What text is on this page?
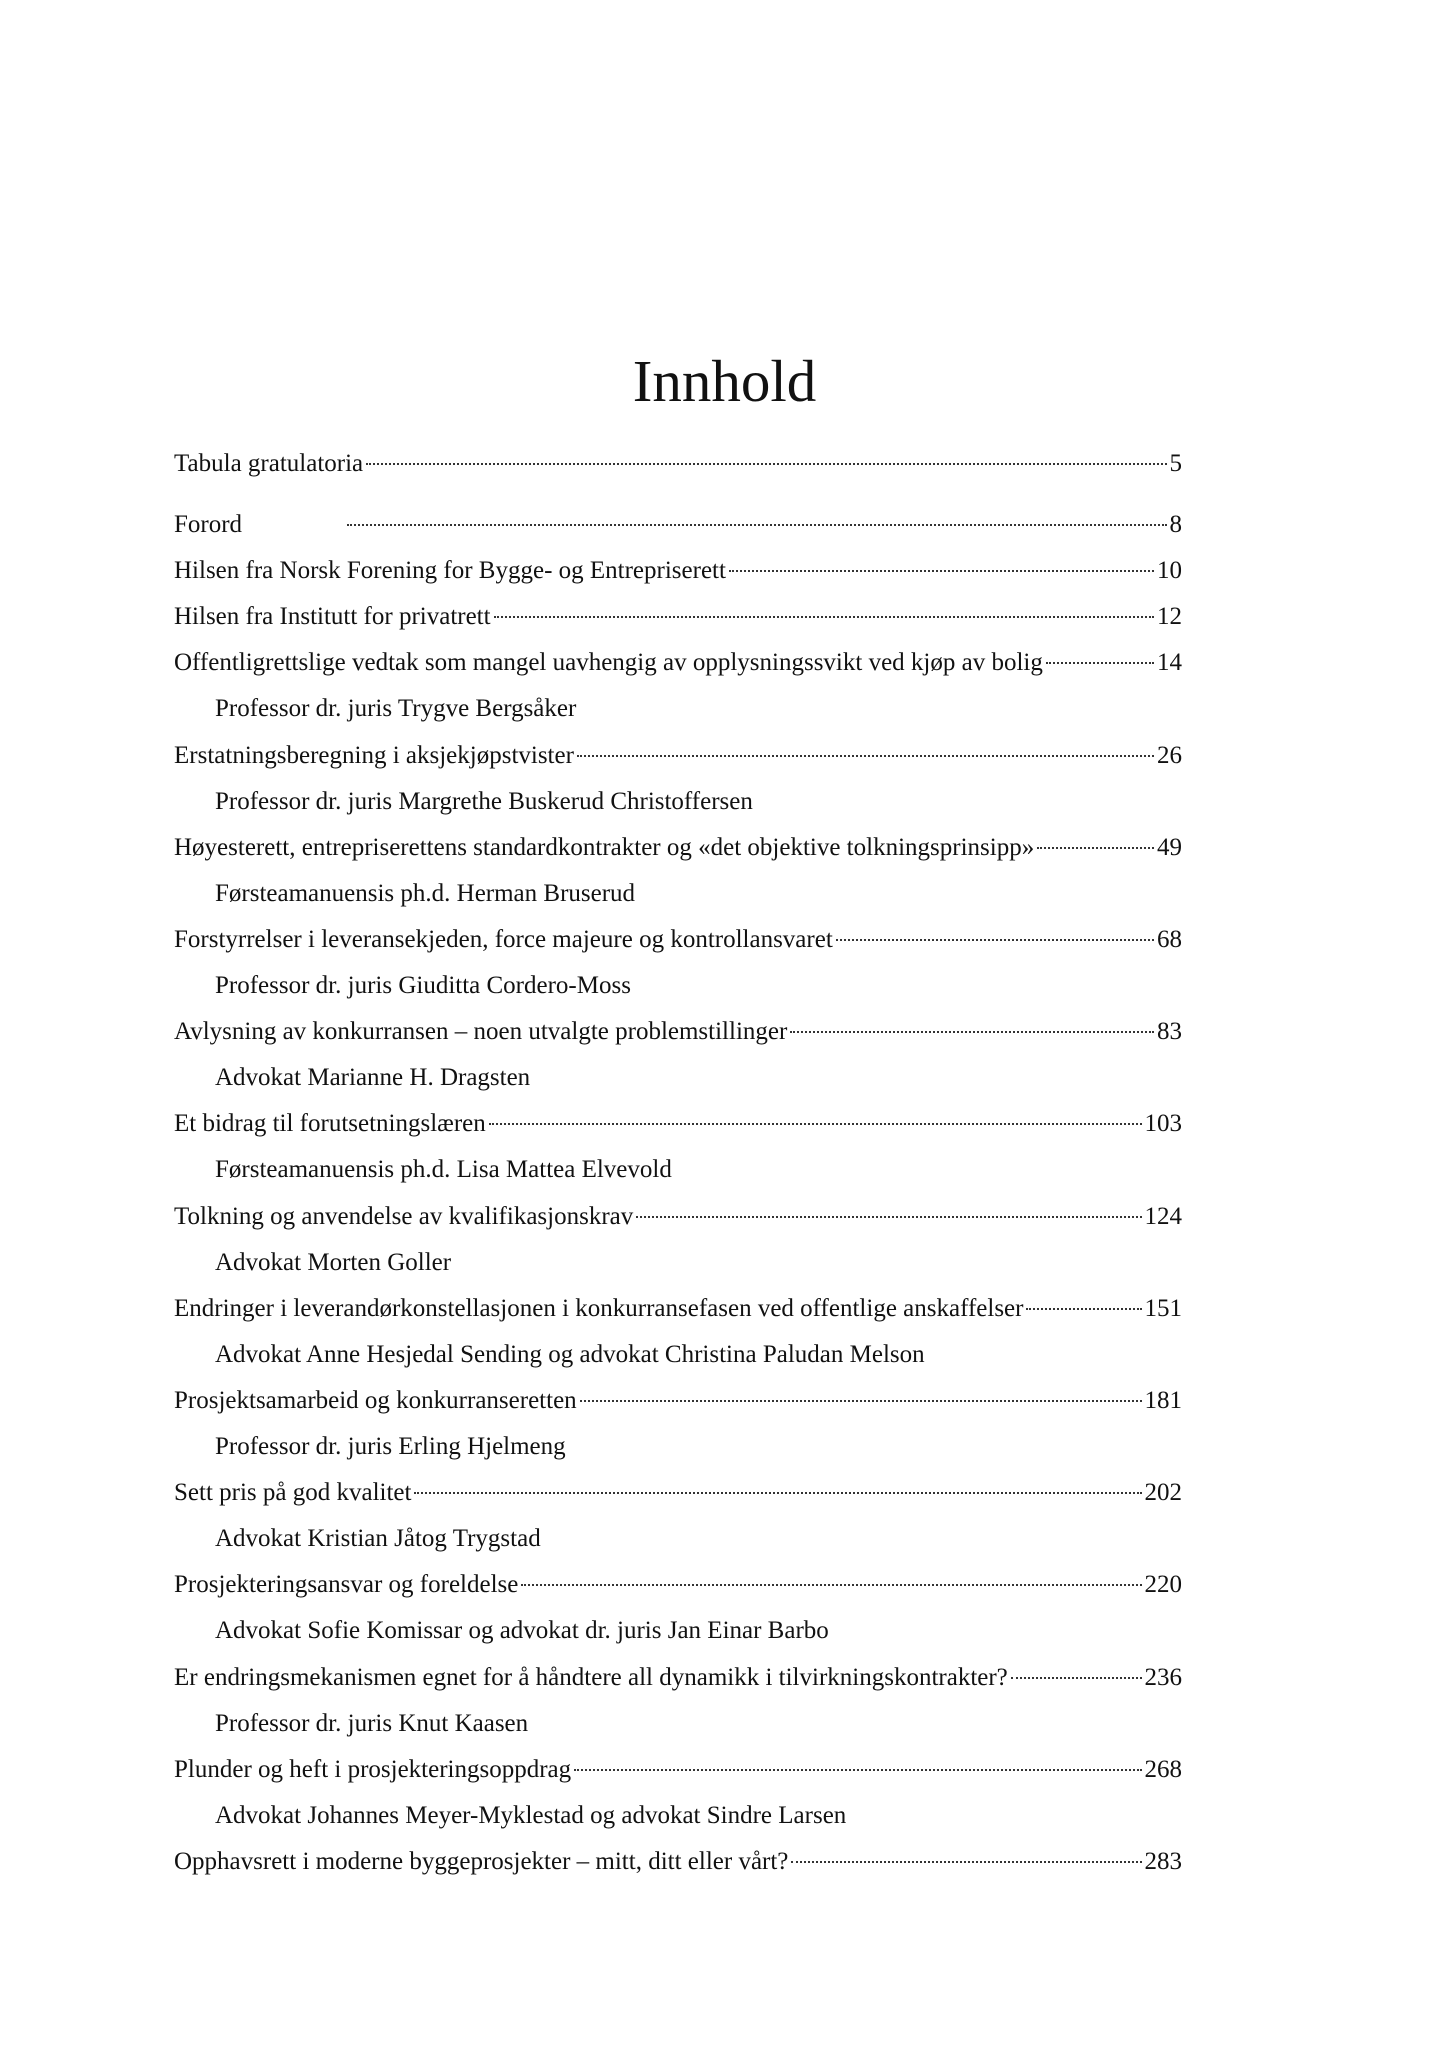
Innhold
Tabula gratulatoria	5
Forord	8
Hilsen fra Norsk Forening for Bygge- og Entrepriserett	10
Hilsen fra Institutt for privatrett	12
Offentligrettslige vedtak som mangel uavhengig av opplysningssvikt ved kjøp av bolig	14
Professor dr. juris Trygve Bergsåker
Erstatningsberegning i aksjekjøpstvister	26
Professor dr. juris Margrethe Buskerud Christoffersen
Høyesterett, entrepriserettens standardkontrakter og «det objektive tolkningsprinsipp»	49
Førsteamanuensis ph.d. Herman Bruserud
Forstyrrelser i leveransekjeden, force majeure og kontrollansvaret	68
Professor dr. juris Giuditta Cordero-Moss
Avlysning av konkurransen – noen utvalgte problemstillinger	83
Advokat Marianne H. Dragsten
Et bidrag til forutsetningslæren	103
Førsteamanuensis ph.d. Lisa Mattea Elvevold
Tolkning og anvendelse av kvalifikasjonskrav	124
Advokat Morten Goller
Endringer i leverandørkonstellasjonen i konkurransefasen ved offentlige anskaffelser	151
Advokat Anne Hesjedal Sending og advokat Christina Paludan Melson
Prosjektsamarbeid og konkurranseretten	181
Professor dr. juris Erling Hjelmeng
Sett pris på god kvalitet	202
Advokat Kristian Jåtog Trygstad
Prosjekteringsansvar og foreldelse	220
Advokat Sofie Komissar og advokat dr. juris Jan Einar Barbo
Er endringsmekanismen egnet for å håndtere all dynamikk i tilvirkningskontrakter?	236
Professor dr. juris Knut Kaasen
Plunder og heft i prosjekteringsoppdrag	268
Advokat Johannes Meyer-Myklestad og advokat Sindre Larsen
Opphavsrett i moderne byggeprosjekter – mitt, ditt eller vårt?	283
